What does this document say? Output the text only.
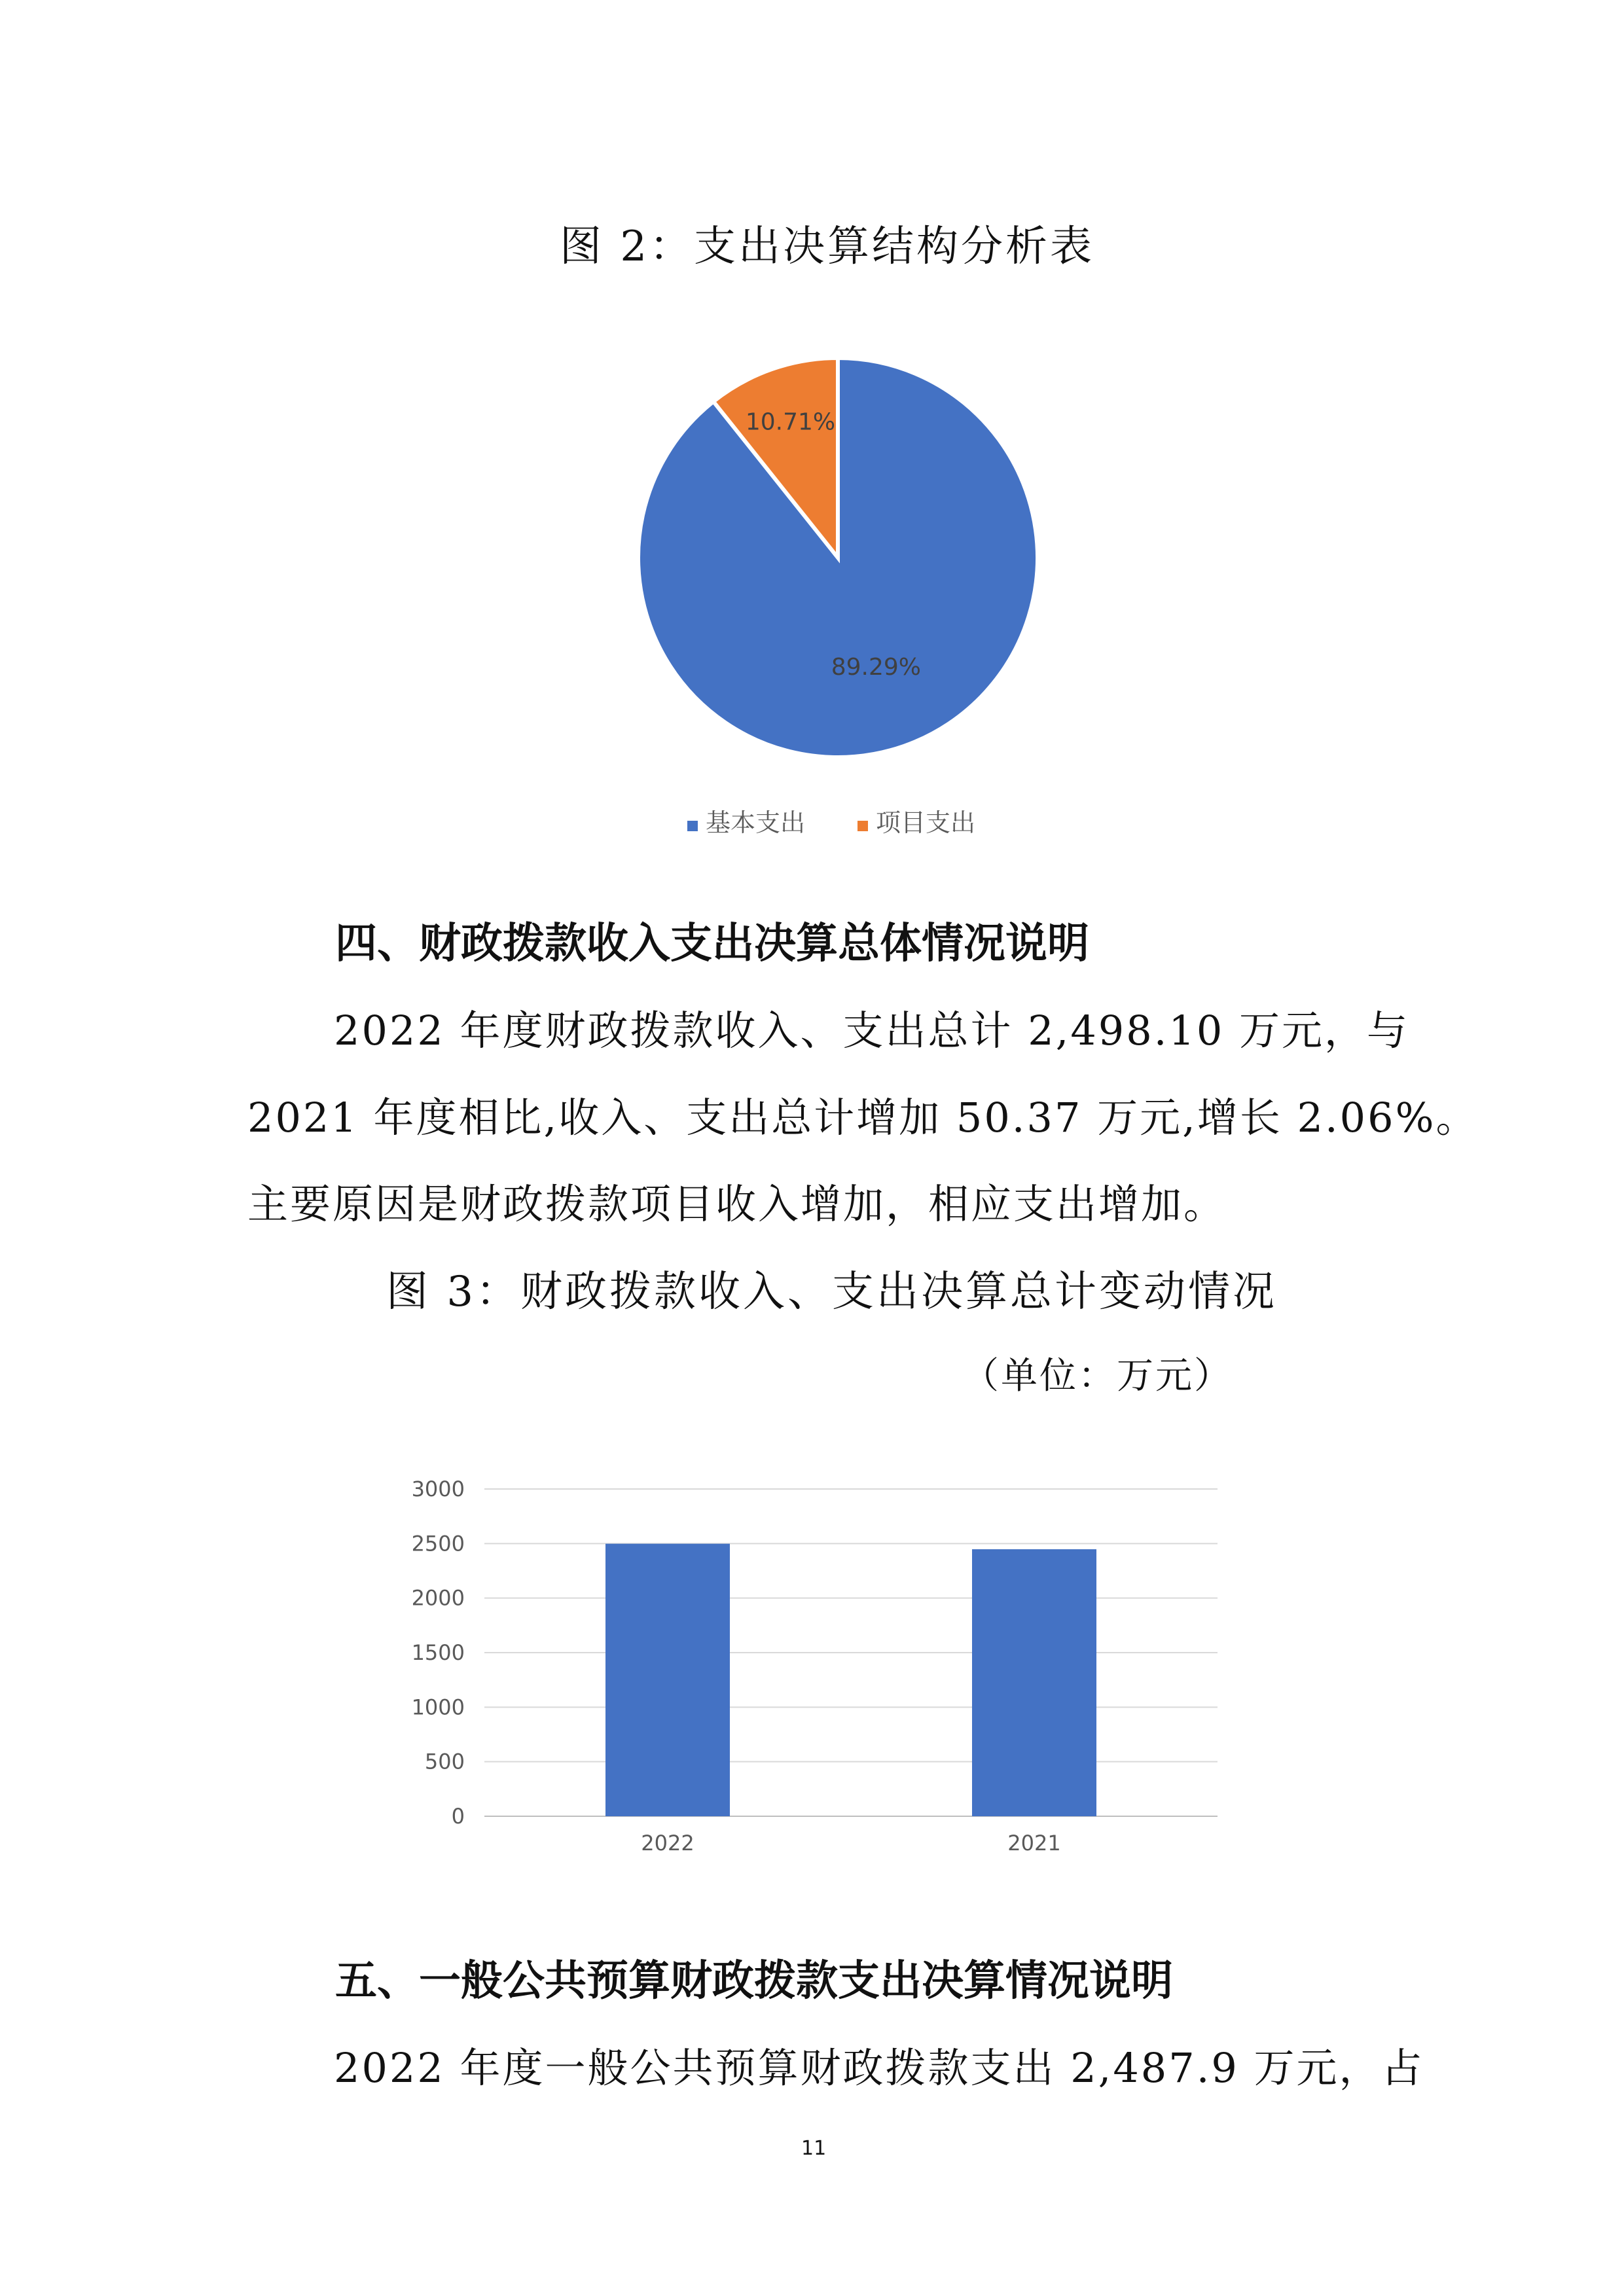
图 2：支出决算结构分析表
89.29%
10.71%
基本支出	项目支出
四、财政拨款收入支出决算总体情况说明
2022 年度财政拨款收入、支出总计 2,498.10 万元，与
2021 年度相比,收入、支出总计增加 50.37 万元,增长 2.06%。
主要原因是财政拨款项目收入增加，相应支出增加。
图 3：财政拨款收入、支出决算总计变动情况
（单位：万元）
0
500
1000
1500
2000
2500
3000
2022	2021
五、一般公共预算财政拨款支出决算情况说明
2022 年度一般公共预算财政拨款支出 2,487.9 万元，占
11
